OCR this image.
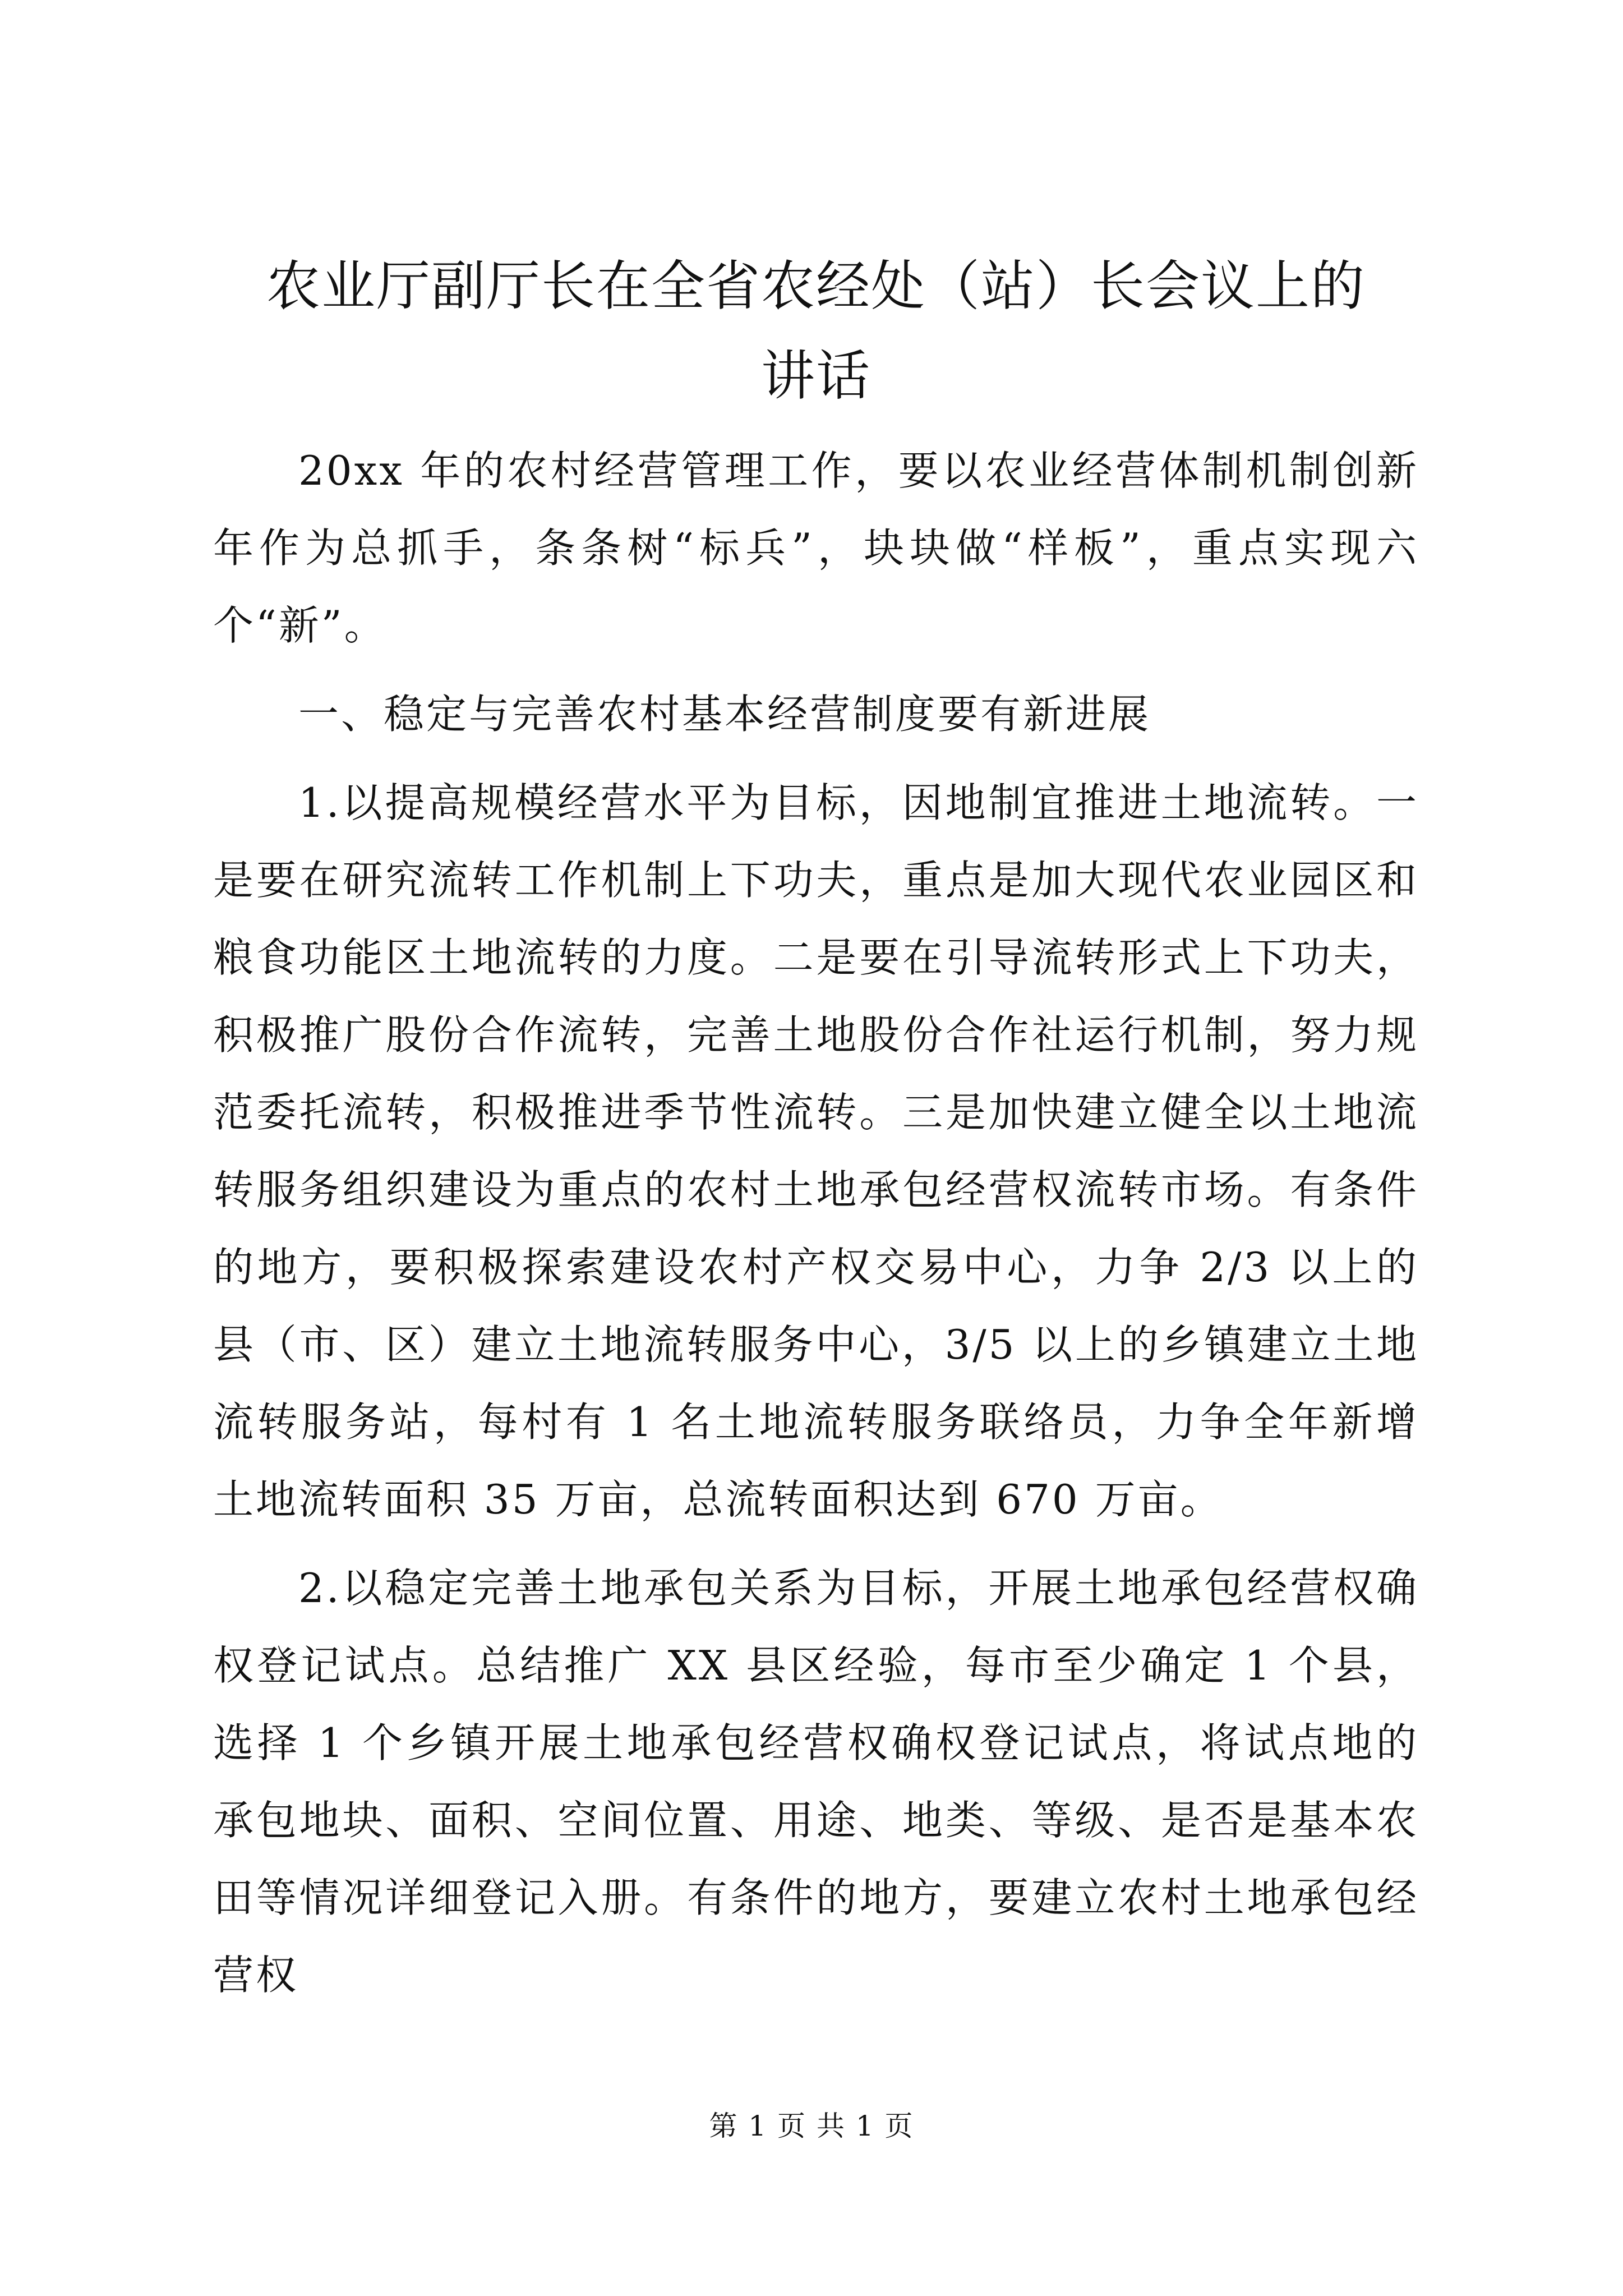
农业厅副厅长在全省农经处（站）长会议上的
讲话

20xx 年的农村经营管理工作，要以农业经营体制机制创新年作为总抓手，条条树“标兵”，块块做“样板”，重点实现六个“新”。

一、稳定与完善农村基本经营制度要有新进展

1.以提高规模经营水平为目标，因地制宜推进土地流转。一是要在研究流转工作机制上下功夫，重点是加大现代农业园区和粮食功能区土地流转的力度。二是要在引导流转形式上下功夫，积极推广股份合作流转，完善土地股份合作社运行机制，努力规范委托流转，积极推进季节性流转。三是加快建立健全以土地流转服务组织建设为重点的农村土地承包经营权流转市场。有条件的地方，要积极探索建设农村产权交易中心，力争 2/3 以上的县（市、区）建立土地流转服务中心，3/5 以上的乡镇建立土地流转服务站，每村有 1 名土地流转服务联络员，力争全年新增土地流转面积 35 万亩，总流转面积达到 670 万亩。

2.以稳定完善土地承包关系为目标，开展土地承包经营权确权登记试点。总结推广 XX 县区经验，每市至少确定 1 个县，选择 1 个乡镇开展土地承包经营权确权登记试点，将试点地的承包地块、面积、空间位置、用途、地类、等级、是否是基本农田等情况详细登记入册。有条件的地方，要建立农村土地承包经营权

第 1 页 共 1 页
